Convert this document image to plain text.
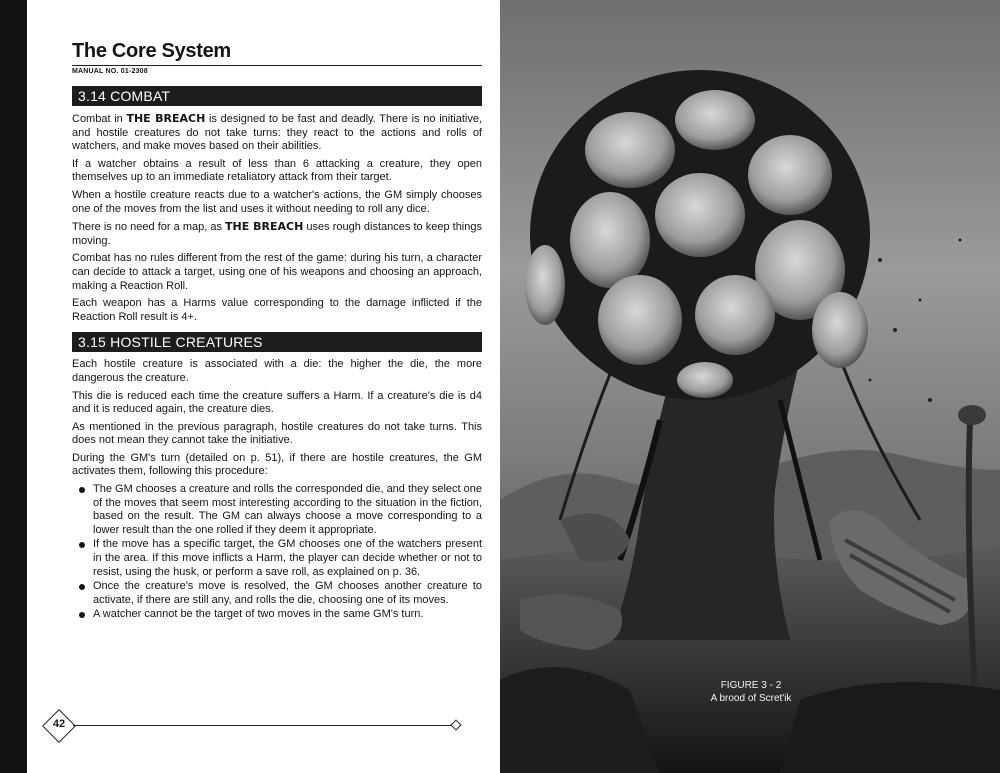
The Core System
MANUAL NO. 01-2308
3.14 COMBAT

Combat in THE BREACH is designed to be fast and deadly. There is no initiative, and hostile creatures do not take turns: they react to the actions and rolls of watchers, and make moves based on their abilities.

If a watcher obtains a result of less than 6 attacking a creature, they open themselves up to an immediate retaliatory attack from their target.

When a hostile creature reacts due to a watcher's actions, the GM simply chooses one of the moves from the list and uses it without needing to roll any dice.

There is no need for a map, as THE BREACH uses rough distances to keep things moving.

Combat has no rules different from the rest of the game: during his turn, a character can decide to attack a target, using one of his weapons and choosing an approach, making a Reaction Roll.

Each weapon has a Harms value corresponding to the damage inflicted if the Reaction Roll result is 4+.

3.15 HOSTILE CREATURES

Each hostile creature is associated with a die: the higher the die, the more dangerous the creature.

This die is reduced each time the creature suffers a Harm. If a creature's die is d4 and it is reduced again, the creature dies.

As mentioned in the previous paragraph, hostile creatures do not take turns. This does not mean they cannot take the initiative.

During the GM's turn (detailed on p. 51), if there are hostile creatures, the GM activates them, following this procedure:

The GM chooses a creature and rolls the corresponded die, and they select one of the moves that seem most interesting according to the situation in the fiction, based on the result. The GM can always choose a move corresponding to a lower result than the one rolled if they deem it appropriate.
If the move has a specific target, the GM chooses one of the watchers present in the area. If this move inflicts a Harm, the player can decide whether or not to resist, using the husk, or perform a save roll, as explained on p. 36.
Once the creature's move is resolved, the GM chooses another creature to activate, if there are still any, and rolls the die, choosing one of its moves.
A watcher cannot be the target of two moves in the same GM's turn.
42
FIGURE 3 - 2
A brood of Scret'ik
